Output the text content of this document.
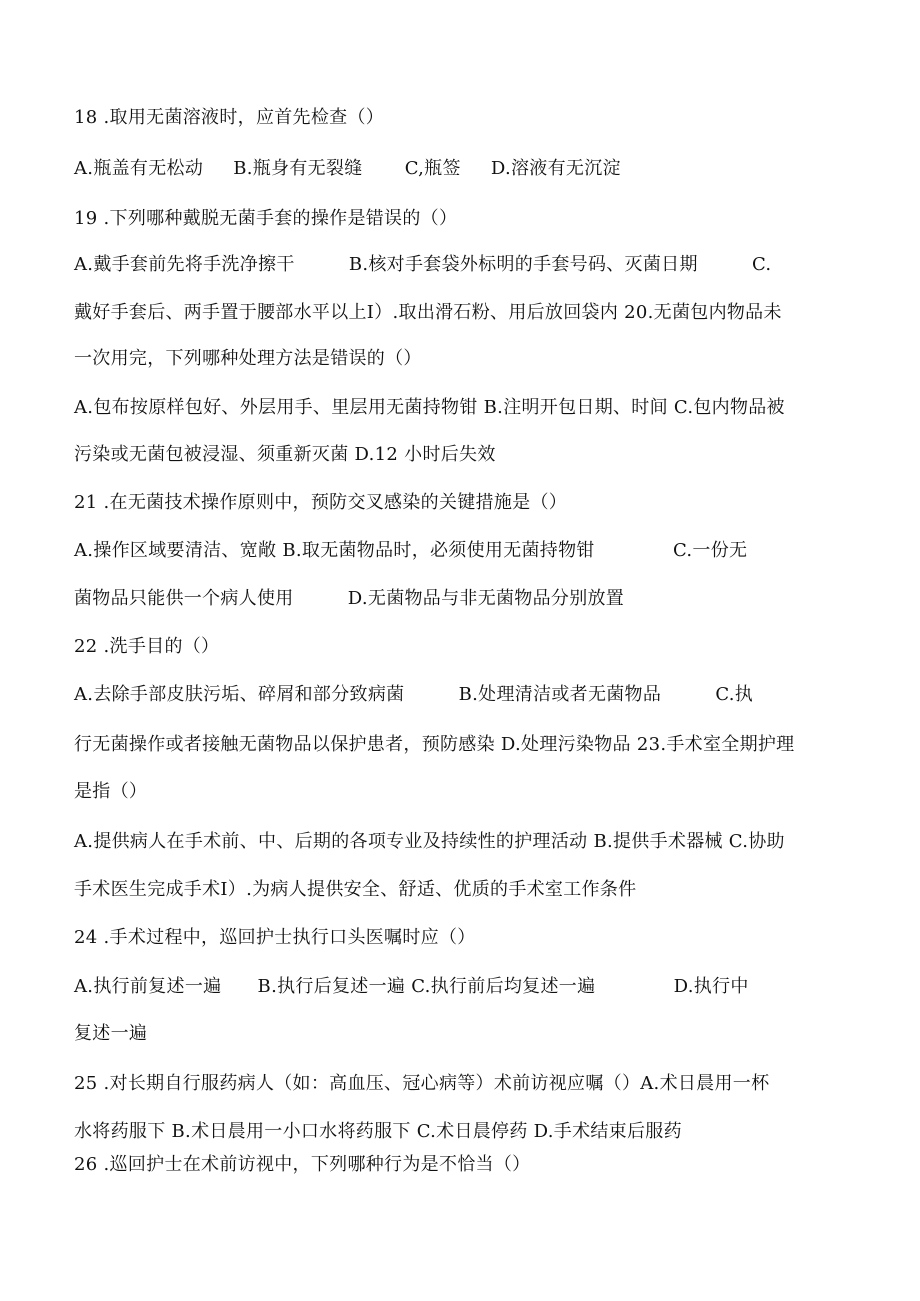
18 .取用无菌溶液时，应首先检查（）
A.瓶盖有无松动     B.瓶身有无裂缝       C,瓶签     D.溶液有无沉淀
19 .下列哪种戴脱无菌手套的操作是错误的（）
A.戴手套前先将手洗净擦干         B.核对手套袋外标明的手套号码、灭菌日期         C.
戴好手套后、两手置于腰部水平以上I）.取出滑石粉、用后放回袋内 20.无菌包内物品未
一次用完，下列哪种处理方法是错误的（）
A.包布按原样包好、外层用手、里层用无菌持物钳 B.注明开包日期、时间 C.包内物品被
污染或无菌包被浸湿、须重新灭菌 D.12 小时后失效
21 .在无菌技术操作原则中，预防交叉感染的关键措施是（）
A.操作区域要清洁、宽敞 B.取无菌物品时，必须使用无菌持物钳             C.一份无
菌物品只能供一个病人使用         D.无菌物品与非无菌物品分别放置
22 .洗手目的（）
A.去除手部皮肤污垢、碎屑和部分致病菌         B.处理清洁或者无菌物品         C.执
行无菌操作或者接触无菌物品以保护患者，预防感染 D.处理污染物品 23.手术室全期护理
是指（）
A.提供病人在手术前、中、后期的各项专业及持续性的护理活动 B.提供手术器械 C.协助
手术医生完成手术I）.为病人提供安全、舒适、优质的手术室工作条件
24 .手术过程中，巡回护士执行口头医嘱时应（）
A.执行前复述一遍      B.执行后复述一遍 C.执行前后均复述一遍             D.执行中
复述一遍
25 .对长期自行服药病人（如：高血压、冠心病等）术前访视应嘱（）A.术日晨用一杯
水将药服下 B.术日晨用一小口水将药服下 C.术日晨停药 D.手术结束后服药
26 .巡回护士在术前访视中，下列哪种行为是不恰当（）
